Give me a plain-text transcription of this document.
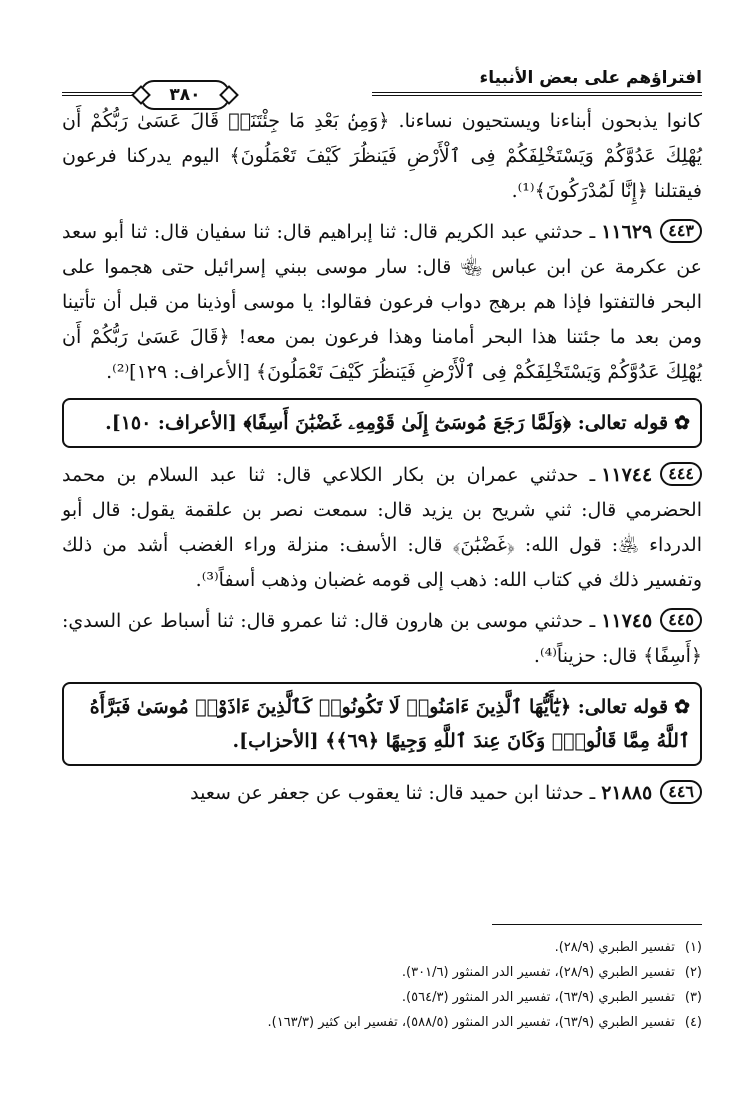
افتراؤهم على بعض الأنبياء
٣٨٠

كانوا يذبحون أبناءنا ويستحيون نساءنا. ﴿وَمِنۢ بَعْدِ مَا جِئْتَنَاۚ قَالَ عَسَىٰ رَبُّكُمْ أَن يُهْلِكَ عَدُوَّكُمْ وَيَسْتَخْلِفَكُمْ فِى ٱلْأَرْضِ فَيَنظُرَ كَيْفَ تَعْمَلُونَ﴾ اليوم يدركنا فرعون فيقتلنا ﴿إِنَّا لَمُدْرَكُونَ﴾⁽¹⁾.

٤٤٣١١٦٢٩ـ حدثني عبد الكريم قال: ثنا إبراهيم قال: ثنا سفيان قال: ثنا أبو سعد عن عكرمة عن ابن عباس ﵄ قال: سار موسى ببني إسرائيل حتى هجموا على البحر فالتفتوا فإذا هم برهج دواب فرعون فقالوا: يا موسى أوذينا من قبل أن تأتينا ومن بعد ما جئتنا هذا البحر أمامنا وهذا فرعون بمن معه! ﴿قَالَ عَسَىٰ رَبُّكُمْ أَن يُهْلِكَ عَدُوَّكُمْ وَيَسْتَخْلِفَكُمْ فِى ٱلْأَرْضِ فَيَنظُرَ كَيْفَ تَعْمَلُونَ﴾ [الأعراف: ١٢٩]⁽²⁾.

✿قوله تعالى: ﴿وَلَمَّا رَجَعَ مُوسَىٰٓ إِلَىٰ قَوْمِهِۦ غَضْبَٰنَ أَسِفًا﴾ [الأعراف: ١٥٠].

٤٤٤١١٧٤٤ـ حدثني عمران بن بكار الكلاعي قال: ثنا عبد السلام بن محمد الحضرمي قال: ثني شريح بن يزيد قال: سمعت نصر بن علقمة يقول: قال أبو الدرداء ﵁: قول الله: ﴿غَضْبَٰنَ﴾ قال: الأسف: منزلة وراء الغضب أشد من ذلك وتفسير ذلك في كتاب الله: ذهب إلى قومه غضبان وذهب أسفاً⁽³⁾.

٤٤٥١١٧٤٥ـ حدثني موسى بن هارون قال: ثنا عمرو قال: ثنا أسباط عن السدي: ﴿أَسِفًا﴾ قال: حزيناً⁽⁴⁾.

✿قوله تعالى: ﴿يَٰٓأَيُّهَا ٱلَّذِينَ ءَامَنُوا۟ لَا تَكُونُوا۟ كَٱلَّذِينَ ءَاذَوْا۟ مُوسَىٰ فَبَرَّأَهُ ٱللَّهُ مِمَّا قَالُوا۟ۚ وَكَانَ عِندَ ٱللَّهِ وَجِيهًا ﴿٦٩﴾﴾ [الأحزاب].

٤٤٦٢١٨٨٥ـ حدثنا ابن حميد قال: ثنا يعقوب عن جعفر عن سعيد

(١)تفسير الطبري (٢٨/٩).
(٢)تفسير الطبري (٢٨/٩)، تفسير الدر المنثور (٣٠١/٦).
(٣)تفسير الطبري (٦٣/٩)، تفسير الدر المنثور (٥٦٤/٣).
(٤)تفسير الطبري (٦٣/٩)، تفسير الدر المنثور (٥٨٨/٥)، تفسير ابن كثير (١٦٣/٣).
